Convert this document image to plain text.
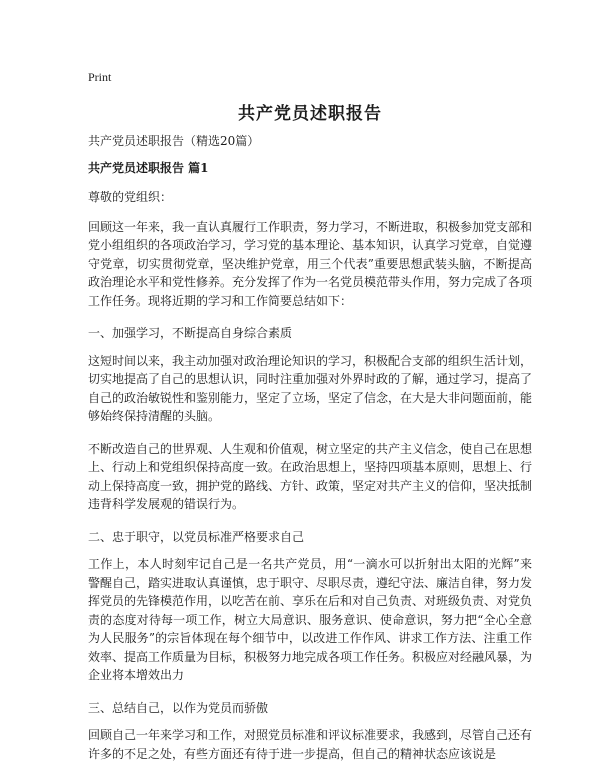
Print
共产党员述职报告

共产党员述职报告（精选20篇）

共产党员述职报告 篇1

尊敬的党组织：

回顾这一年来，我一直认真履行工作职责，努力学习，不断进取，积极参加党支部和党小组组织的各项政治学习，学习党的基本理论、基本知识，认真学习党章，自觉遵守党章，切实贯彻党章，坚决维护党章，用三个代表”重要思想武装头脑，不断提高政治理论水平和党性修养。充分发挥了作为一名党员模范带头作用，努力完成了各项工作任务。现将近期的学习和工作简要总结如下：

一、加强学习，不断提高自身综合素质

这短时间以来，我主动加强对政治理论知识的学习，积极配合支部的组织生活计划，切实地提高了自己的思想认识，同时注重加强对外界时政的了解，通过学习，提高了自己的政治敏锐性和鉴别能力，坚定了立场，坚定了信念，在大是大非问题面前，能够始终保持清醒的头脑。

不断改造自己的世界观、人生观和价值观，树立坚定的共产主义信念，使自己在思想上、行动上和党组织保持高度一致。在政治思想上，坚持四项基本原则，思想上、行动上保持高度一致，拥护党的路线、方针、政策，坚定对共产主义的信仰，坚决抵制违背科学发展观的错误行为。

二、忠于职守，以党员标准严格要求自己

工作上，本人时刻牢记自己是一名共产党员，用“一滴水可以折射出太阳的光辉”来警醒自己，踏实进取认真谨慎，忠于职守、尽职尽责，遵纪守法、廉洁自律，努力发挥党员的先锋模范作用，以吃苦在前、享乐在后和对自己负责、对班级负责、对党负责的态度对待每一项工作，树立大局意识、服务意识、使命意识，努力把“全心全意为人民服务”的宗旨体现在每个细节中，以改进工作作风、讲求工作方法、注重工作效率、提高工作质量为目标，积极努力地完成各项工作任务。积极应对经融风暴，为企业将本增效出力

三、总结自己，以作为党员而骄傲

回顾自己一年来学习和工作，对照党员标准和评议标准要求，我感到，尽管自己还有许多的不足之处，有些方面还有待于进一步提高，但自己的精神状态应该说是
